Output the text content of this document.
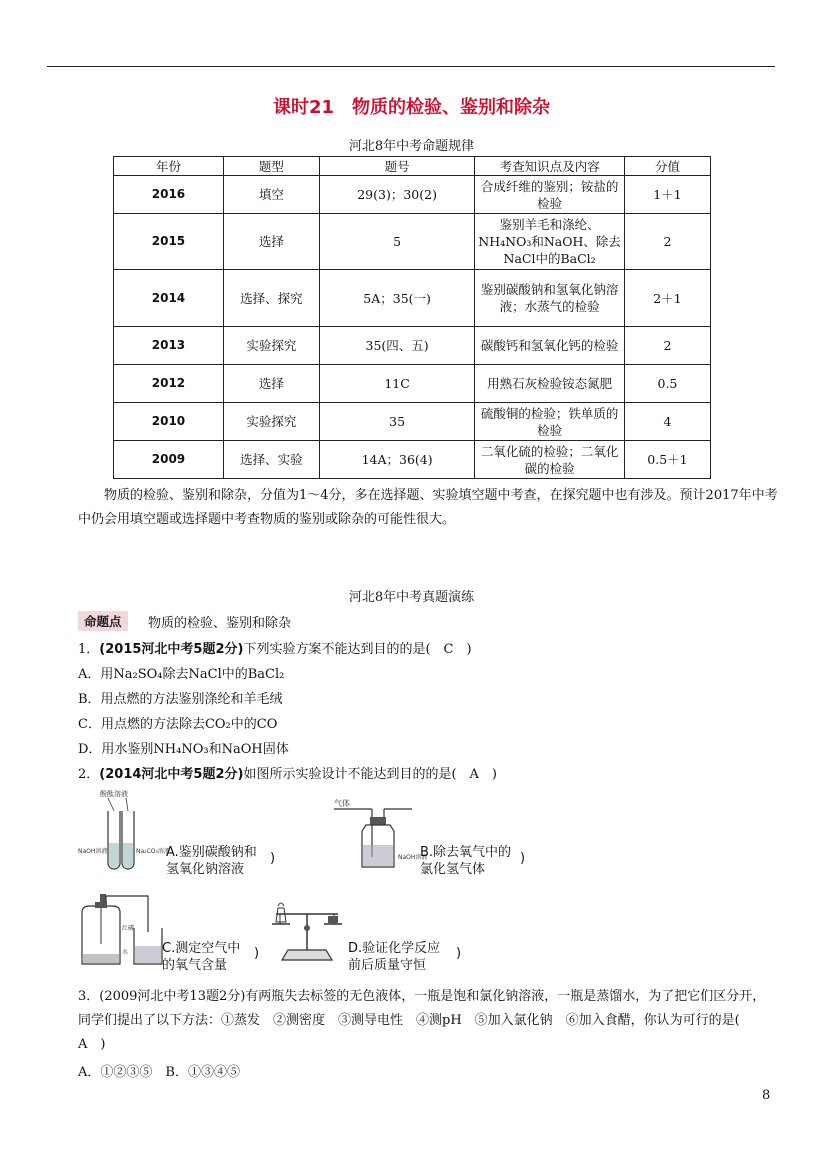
课时21　物质的检验、鉴别和除杂
河北8年中考命题规律
年份	题型	题号	考查知识点及内容	分值
2016	填空	29(3)；30(2)	合成纤维的鉴别；铵盐的检验	1＋1
2015	选择	5	鉴别羊毛和涤纶、NH₄NO₃和NaOH、除去NaCl中的BaCl₂	2
2014	选择、探究	5A；35(一)	鉴别碳酸钠和氢氧化钠溶液；水蒸气的检验	2＋1
2013	实验探究	35(四、五)	碳酸钙和氢氧化钙的检验	2
2012	选择	11C	用熟石灰检验铵态氮肥	0.5
2010	实验探究	35	硫酸铜的检验；铁单质的检验	4
2009	选择、实验	14A；36(4)	二氧化硫的检验；二氧化碳的检验	0.5＋1
物质的检验、鉴别和除杂，分值为1～4分，多在选择题、实验填空题中考查，在探究题中也有涉及。预计2017年中考中仍会用填空题或选择题中考查物质的鉴别或除杂的可能性很大。
河北8年中考真题演练
命题点	物质的检验、鉴别和除杂
1．(2015河北中考5题2分)下列实验方案不能达到目的的是(　C　)
A．用Na₂SO₄除去NaCl中的BaCl₂
B．用点燃的方法鉴别涤纶和羊毛绒
C．用点燃的方法除去CO₂中的CO
D．用水鉴别NH₄NO₃和NaOH固体
2．(2014河北中考5题2分)如图所示实验设计不能达到目的的是(　A　)
酚酞溶液
NaOH溶液	Na₂CO₃溶液
A.鉴别碳酸钠和
氢氧化钠溶液
)
气体
NaOH溶液
B.除去氧气中的
氯化氢气体
)
红磷
水	C.测定空气中
的氧气含量
)	D.验证化学反应
前后质量守恒
)
3．(2009河北中考13题2分)有两瓶失去标签的无色液体，一瓶是饱和氯化钠溶液，一瓶是蒸馏水，为了把它们区分开，同学们提出了以下方法：①蒸发　②测密度　③测导电性　④测pH　⑤加入氯化钠　⑥加入食醋，你认为可行的是(　A　)
A．①②③⑤　B．①③④⑤
8
